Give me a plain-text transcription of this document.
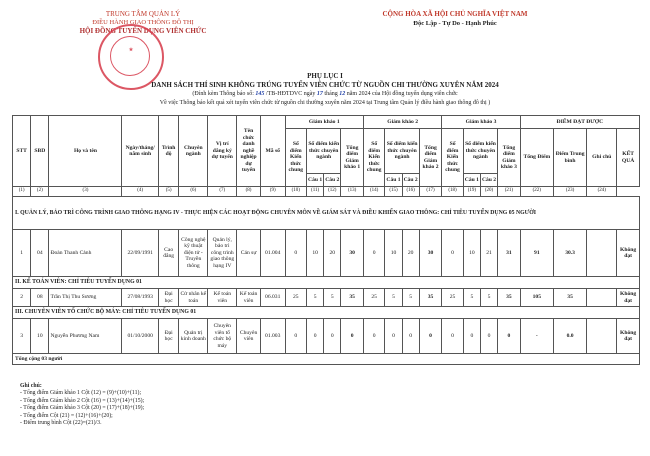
TRUNG TÂM QUẢN LÝ
ĐIỀU HÀNH GIAO THÔNG ĐÔ THỊ
HỘI ĐỒNG TUYỂN DỤNG VIÊN CHỨC
★
CỘNG HÒA XÃ HỘI CHỦ NGHĨA VIỆT NAM
Độc Lập - Tự Do - Hạnh Phúc
PHỤ LỤC I
DANH SÁCH THÍ SINH KHÔNG TRÚNG TUYỂN VIÊN CHỨC TỪ NGUỒN CHI THƯỜNG XUYÊN NĂM 2024
(Đính kèm Thông báo số: 145 /TB-HĐTDVC ngày 17 tháng 12 năm 2024 của Hội đồng tuyển dụng viên chức
Về việc Thông báo kết quả xét tuyển viên chức từ nguồn chi thường xuyên năm 2024 tại Trung tâm Quản lý điều hành giao thông đô thị )
STT	SBD	Họ và tên	Ngày/tháng/ năm sinh	Trình độ	Chuyên ngành	Vị trí đăng ký dự tuyển	Tên chức danh nghề nghiệp dự tuyển	Mã số	Giám khảo 1				Giám khảo 2				Giám khảo 3				ĐIỂM ĐẠT ĐƯỢC			
									Số điểm Kiến thức chung	Số điểm kiến thức chuyên ngành		Tổng điểm Giám khảo 1	Số điểm Kiến thức chung	Số điểm kiến thức chuyên ngành		Tổng điểm Giám khảo 2	Số điểm Kiến thức chung	Số điểm kiến thức chuyên ngành		Tổng điểm Giám khảo 3	Tổng Điểm	Điểm Trung bình	Ghi chú	KẾT QUẢ
										Câu 1	Câu 2			Câu 1	Câu 2			Câu 1	Câu 2					
(1)	(2)	(3)	(4)	(5)	(6)	(7)	(8)	(9)	(10)	(11)	(12)	(13)	(14)	(15)	(16)	(17)	(18)	(19)	(20)	(21)	(22)	(23)	(24)	
I. QUẢN LÝ, BẢO TRÌ CÔNG TRÌNH GIAO THÔNG HẠNG IV - THỰC HIỆN CÁC HOẠT ĐỘNG CHUYÊN MÔN VỀ GIÁM SÁT VÀ ĐIỀU KHIỂN GIAO THÔNG: CHỈ TIÊU TUYỂN DỤNG 05 NGƯỜI																								
1	04	Đoàn Thanh Cảnh	22/09/1991	Cao đẳng	Công nghệ kỹ thuật điện tử - Truyền thông	Quản lý, bảo trì công trình giao thông hạng IV	Cán sự	01.004	0	10	20	30	0	10	20	30	0	10	21	31	91	30.3		Không đạt
II. KẾ TOÁN VIÊN: CHỈ TIÊU TUYỂN DỤNG 01																								
2	08	Trần Thị Thu Sương	27/08/1993	Đại học	Cử nhân kế toán	Kế toán viên	Kế toán viên	06.031	25	5	5	35	25	5	5	35	25	5	5	35	105	35		Không đạt
III. CHUYÊN VIÊN TỔ CHỨC BỘ MÁY: CHỈ TIÊU TUYỂN DỤNG 01																								
3	10	Nguyễn Phương Nam	01/10/2000	Đại học	Quản trị kinh doanh	Chuyên viên tổ chức bộ máy	Chuyên viên	01.003	0	0	0	0	0	0	0	0	0	0	0	0	-	0.0		Không đạt
Tổng cộng 03 người																								
Ghi chú:
- Tổng điểm Giám khảo 1 Cột (12) = (9)+(10)+(11);
- Tổng điểm Giám khảo 2 Cột (16) = (13)+(14)+(15);
- Tổng điểm Giám khảo 3 Cột (20) = (17)+(18)+(19);
- Tổng điểm Cột (21) = (12)+(16)+(20);
- Điểm trung bình Cột (22)=(21)/3.
